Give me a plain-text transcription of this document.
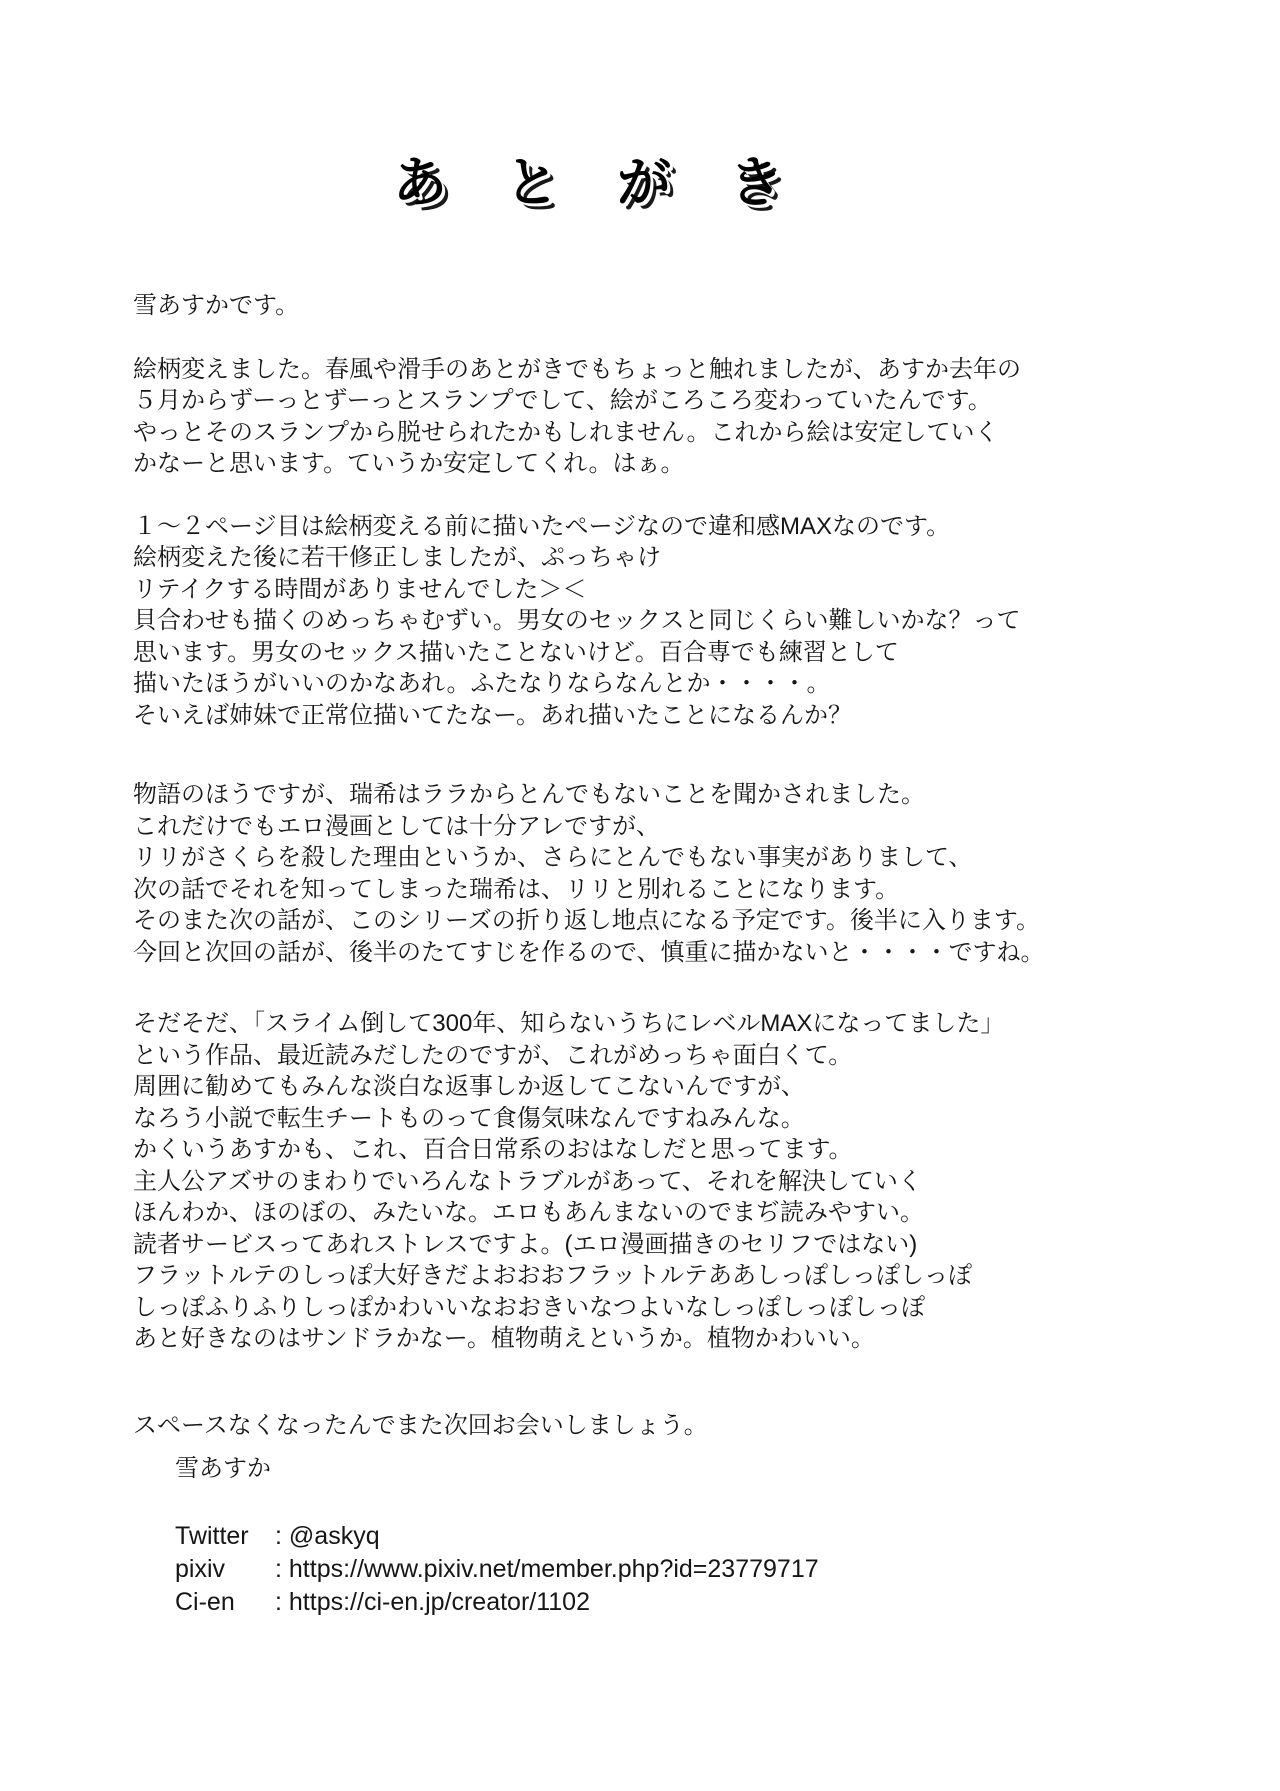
あ　と　が　き
雪あすかです。
絵柄変えました。春風や滑手のあとがきでもちょっと触れましたが、あすか去年の
５月からずーっとずーっとスランプでして、絵がころころ変わっていたんです。
やっとそのスランプから脱せられたかもしれません。これから絵は安定していく
かなーと思います。ていうか安定してくれ。はぁ。
１〜２ページ目は絵柄変える前に描いたページなので違和感MAXなのです。
絵柄変えた後に若干修正しましたが、ぷっちゃけ
リテイクする時間がありませんでした＞＜
貝合わせも描くのめっちゃむずい。男女のセックスと同じくらい難しいかな？って
思います。男女のセックス描いたことないけど。百合専でも練習として
描いたほうがいいのかなあれ。ふたなりならなんとか・・・・。
そいえば姉妹で正常位描いてたなー。あれ描いたことになるんか？
物語のほうですが、瑞希はララからとんでもないことを聞かされました。
これだけでもエロ漫画としては十分アレですが、
リリがさくらを殺した理由というか、さらにとんでもない事実がありまして、
次の話でそれを知ってしまった瑞希は、リリと別れることになります。
そのまた次の話が、このシリーズの折り返し地点になる予定です。後半に入ります。
今回と次回の話が、後半のたてすじを作るので、慎重に描かないと・・・・ですね。
そだそだ、「スライム倒して300年、知らないうちにレベルMAXになってました」
という作品、最近読みだしたのですが、これがめっちゃ面白くて。
周囲に勧めてもみんな淡白な返事しか返してこないんですが、
なろう小説で転生チートものって食傷気味なんですねみんな。
かくいうあすかも、これ、百合日常系のおはなしだと思ってます。
主人公アズサのまわりでいろんなトラブルがあって、それを解決していく
ほんわか、ほのぼの、みたいな。エロもあんまないのでまぢ読みやすい。
読者サービスってあれストレスですよ。(エロ漫画描きのセリフではない)
フラットルテのしっぽ大好きだよおおおフラットルテああしっぽしっぽしっぽ
しっぽふりふりしっぽかわいいなおおきいなつよいなしっぽしっぽしっぽ
あと好きなのはサンドラかなー。植物萌えというか。植物かわいい。
スペースなくなったんでまた次回お会いしましょう。
雪あすか
Twitter	: @askyq
pixiv	: https://www.pixiv.net/member.php?id=23779717
Ci-en	: https://ci-en.jp/creator/1102
